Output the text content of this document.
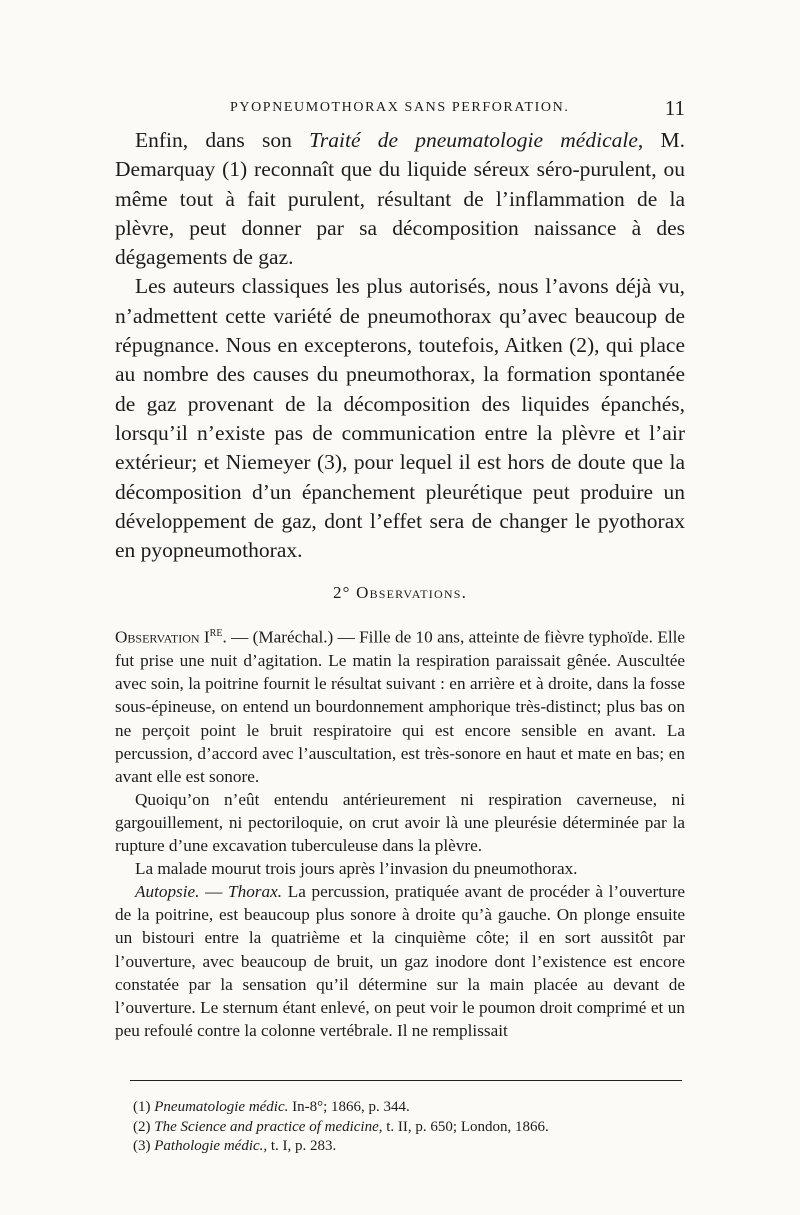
PYOPNEUMOTHORAX SANS PERFORATION.	11

Enfin, dans son Traité de pneumatologie médicale, M. Demarquay (1) reconnaît que du liquide séreux séro-purulent, ou même tout à fait purulent, résultant de l’inflammation de la plèvre, peut donner par sa décomposition naissance à des dégagements de gaz.

Les auteurs classiques les plus autorisés, nous l’avons déjà vu, n’admettent cette variété de pneumothorax qu’avec beaucoup de répugnance. Nous en excepterons, toutefois, Aitken (2), qui place au nombre des causes du pneumothorax, la formation spontanée de gaz provenant de la décomposition des liquides épanchés, lorsqu’il n’existe pas de communication entre la plèvre et l’air extérieur; et Niemeyer (3), pour lequel il est hors de doute que la décomposition d’un épanchement pleurétique peut produire un développement de gaz, dont l’effet sera de changer le pyothorax en pyopneumothorax.

2° Observations.

Observation Ire. — (Maréchal.) — Fille de 10 ans, atteinte de fièvre typhoïde. Elle fut prise une nuit d’agitation. Le matin la respiration paraissait gênée. Auscultée avec soin, la poitrine fournit le résultat suivant : en arrière et à droite, dans la fosse sous-épineuse, on entend un bourdonnement amphorique très-distinct; plus bas on ne perçoit point le bruit respiratoire qui est encore sensible en avant. La percussion, d’accord avec l’auscultation, est très-sonore en haut et mate en bas; en avant elle est sonore.

Quoiqu’on n’eût entendu antérieurement ni respiration caverneuse, ni gargouillement, ni pectoriloquie, on crut avoir là une pleurésie déterminée par la rupture d’une excavation tuberculeuse dans la plèvre.

La malade mourut trois jours après l’invasion du pneumothorax.

Autopsie. — Thorax. La percussion, pratiquée avant de procéder à l’ouverture de la poitrine, est beaucoup plus sonore à droite qu’à gauche. On plonge ensuite un bistouri entre la quatrième et la cinquième côte; il en sort aussitôt par l’ouverture, avec beaucoup de bruit, un gaz inodore dont l’existence est encore constatée par la sensation qu’il détermine sur la main placée au devant de l’ouverture. Le sternum étant enlevé, on peut voir le poumon droit comprimé et un peu refoulé contre la colonne vertébrale. Il ne remplissait

(1) Pneumatologie médic. In-8°; 1866, p. 344.

(2) The Science and practice of medicine, t. II, p. 650; London, 1866.

(3) Pathologie médic., t. I, p. 283.
